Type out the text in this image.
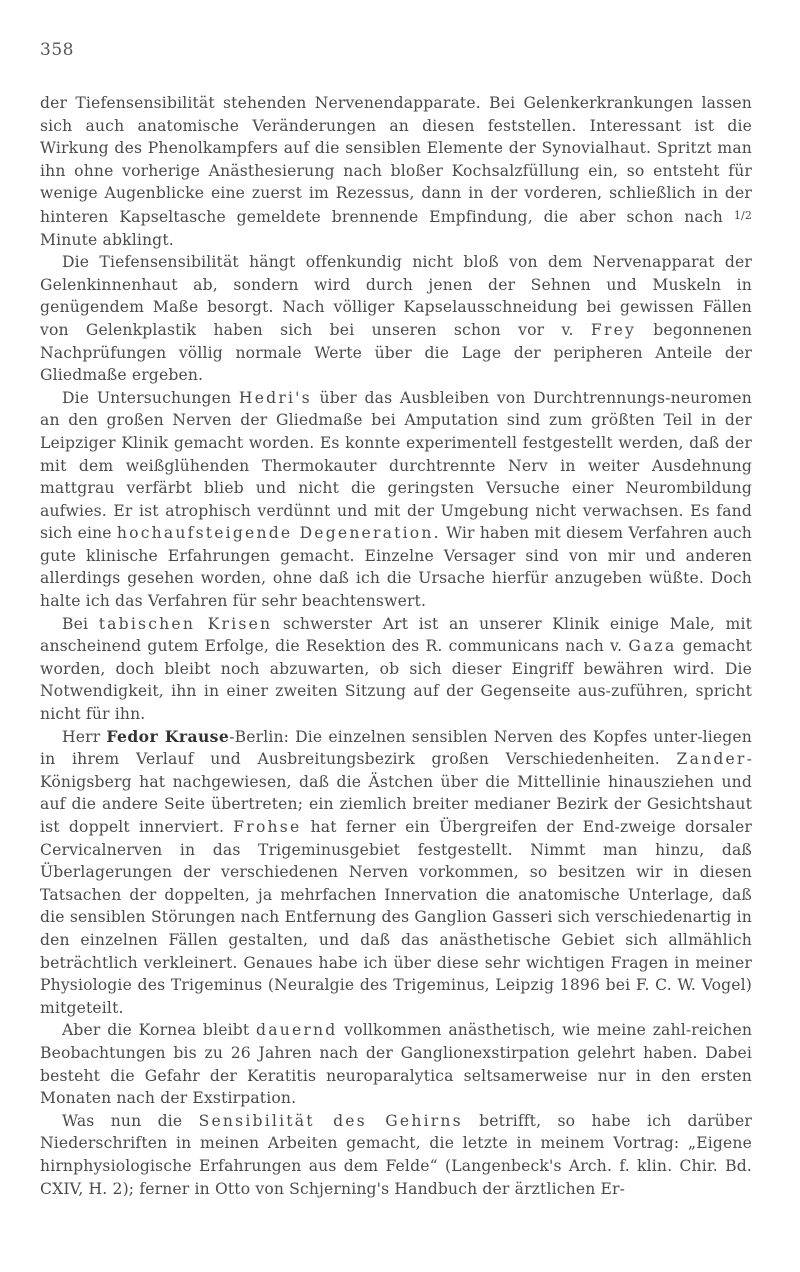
358

der Tiefensensibilität stehenden Nervenendapparate. Bei Gelenkerkrankungen lassen sich auch anatomische Veränderungen an diesen feststellen. Interessant ist die Wirkung des Phenolkampfers auf die sensiblen Elemente der Synovialhaut. Spritzt man ihn ohne vorherige Anästhesierung nach bloßer Kochsalzfüllung ein, so entsteht für wenige Augenblicke eine zuerst im Rezessus, dann in der vorderen, schließlich in der hinteren Kapseltasche gemeldete brennende Empfindung, die aber schon nach 1/2 Minute abklingt.

Die Tiefensensibilität hängt offenkundig nicht bloß von dem Nervenapparat der Gelenkinnenhaut ab, sondern wird durch jenen der Sehnen und Muskeln in genügendem Maße besorgt. Nach völliger Kapselausschneidung bei gewissen Fällen von Gelenkplastik haben sich bei unseren schon vor v. Frey begonnenen Nachprüfungen völlig normale Werte über die Lage der peripheren Anteile der Gliedmaße ergeben.

Die Untersuchungen Hedri's über das Ausbleiben von Durchtrennungs-neuromen an den großen Nerven der Gliedmaße bei Amputation sind zum größten Teil in der Leipziger Klinik gemacht worden. Es konnte experimentell festgestellt werden, daß der mit dem weißglühenden Thermokauter durchtrennte Nerv in weiter Ausdehnung mattgrau verfärbt blieb und nicht die geringsten Versuche einer Neurombildung aufwies. Er ist atrophisch verdünnt und mit der Umgebung nicht verwachsen. Es fand sich eine hochaufsteigende Degeneration. Wir haben mit diesem Verfahren auch gute klinische Erfahrungen gemacht. Einzelne Versager sind von mir und anderen allerdings gesehen worden, ohne daß ich die Ursache hierfür anzugeben wüßte. Doch halte ich das Verfahren für sehr beachtenswert.

Bei tabischen Krisen schwerster Art ist an unserer Klinik einige Male, mit anscheinend gutem Erfolge, die Resektion des R. communicans nach v. Gaza gemacht worden, doch bleibt noch abzuwarten, ob sich dieser Eingriff bewähren wird. Die Notwendigkeit, ihn in einer zweiten Sitzung auf der Gegenseite aus-zuführen, spricht nicht für ihn.

Herr Fedor Krause-Berlin: Die einzelnen sensiblen Nerven des Kopfes unter-liegen in ihrem Verlauf und Ausbreitungsbezirk großen Verschiedenheiten. Zander-Königsberg hat nachgewiesen, daß die Ästchen über die Mittellinie hinausziehen und auf die andere Seite übertreten; ein ziemlich breiter medianer Bezirk der Gesichtshaut ist doppelt innerviert. Frohse hat ferner ein Übergreifen der End-zweige dorsaler Cervicalnerven in das Trigeminusgebiet festgestellt. Nimmt man hinzu, daß Überlagerungen der verschiedenen Nerven vorkommen, so besitzen wir in diesen Tatsachen der doppelten, ja mehrfachen Innervation die anatomische Unterlage, daß die sensiblen Störungen nach Entfernung des Ganglion Gasseri sich verschiedenartig in den einzelnen Fällen gestalten, und daß das anästhetische Gebiet sich allmählich beträchtlich verkleinert. Genaues habe ich über diese sehr wichtigen Fragen in meiner Physiologie des Trigeminus (Neuralgie des Trigeminus, Leipzig 1896 bei F. C. W. Vogel) mitgeteilt.

Aber die Kornea bleibt dauernd vollkommen anästhetisch, wie meine zahl-reichen Beobachtungen bis zu 26 Jahren nach der Ganglionexstirpation gelehrt haben. Dabei besteht die Gefahr der Keratitis neuroparalytica seltsamerweise nur in den ersten Monaten nach der Exstirpation.

Was nun die Sensibilität des Gehirns betrifft, so habe ich darüber Niederschriften in meinen Arbeiten gemacht, die letzte in meinem Vortrag: „Eigene hirnphysiologische Erfahrungen aus dem Felde“ (Langenbeck's Arch. f. klin. Chir. Bd. CXIV, H. 2); ferner in Otto von Schjerning's Handbuch der ärztlichen Er-
